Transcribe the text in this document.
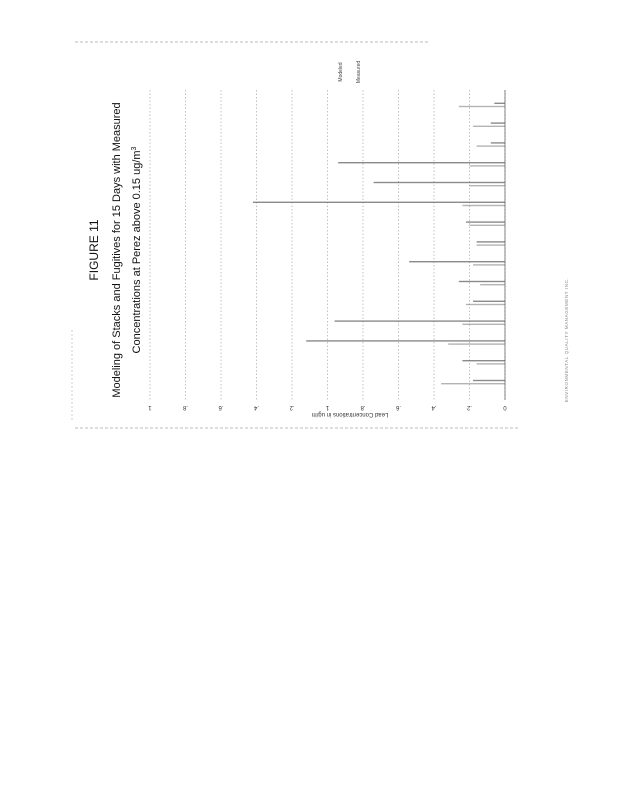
FIGURE 11 Modeling of Stacks and Fugitives for 15 Days with Measured Concentrations at Perez above 0.15 $ug/m^3$
0
.2
.4
.6
.8
1
.2
.4
.6
.8
1
Modeled Measured
Lead Concentrations in ug/m
ENVIRONMENTAL QUALITY MANAGEMENT INC.
